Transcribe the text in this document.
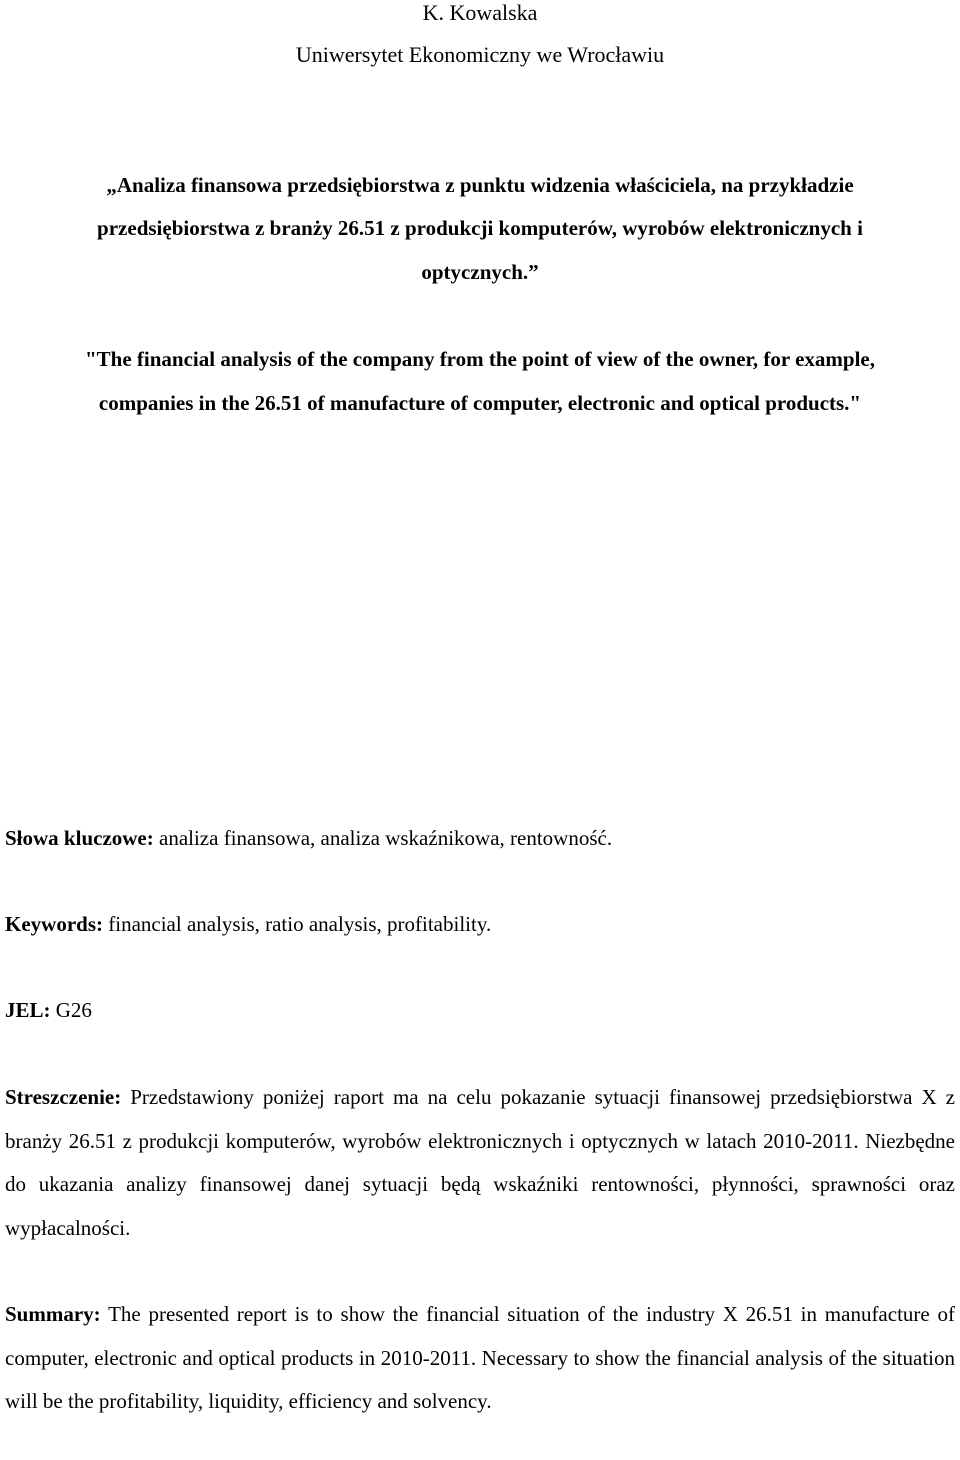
K. Kowalska
Uniwersytet Ekonomiczny we Wrocławiu
„Analiza finansowa przedsiębiorstwa z punktu widzenia właściciela, na przykładzie
przedsiębiorstwa z branży 26.51 z produkcji komputerów, wyrobów elektronicznych i
optycznych.”
"The financial analysis of the company from the point of view of the owner, for example,
companies in the 26.51 of manufacture of computer, electronic and optical products."
Słowa kluczowe: analiza finansowa, analiza wskaźnikowa, rentowność.
Keywords: financial analysis, ratio analysis, profitability.
JEL: G26

Streszczenie: Przedstawiony poniżej raport ma na celu pokazanie sytuacji finansowej przedsiębiorstwa X z branży 26.51 z produkcji komputerów, wyrobów elektronicznych i optycznych w latach 2010-2011. Niezbędne do ukazania analizy finansowej danej sytuacji będą wskaźniki rentowności, płynności, sprawności oraz wypłacalności.

Summary: The presented report is to show the financial situation of the industry X 26.51 in manufacture of computer, electronic and optical products in 2010-2011. Necessary to show the financial analysis of the situation will be the profitability, liquidity, efficiency and solvency.
